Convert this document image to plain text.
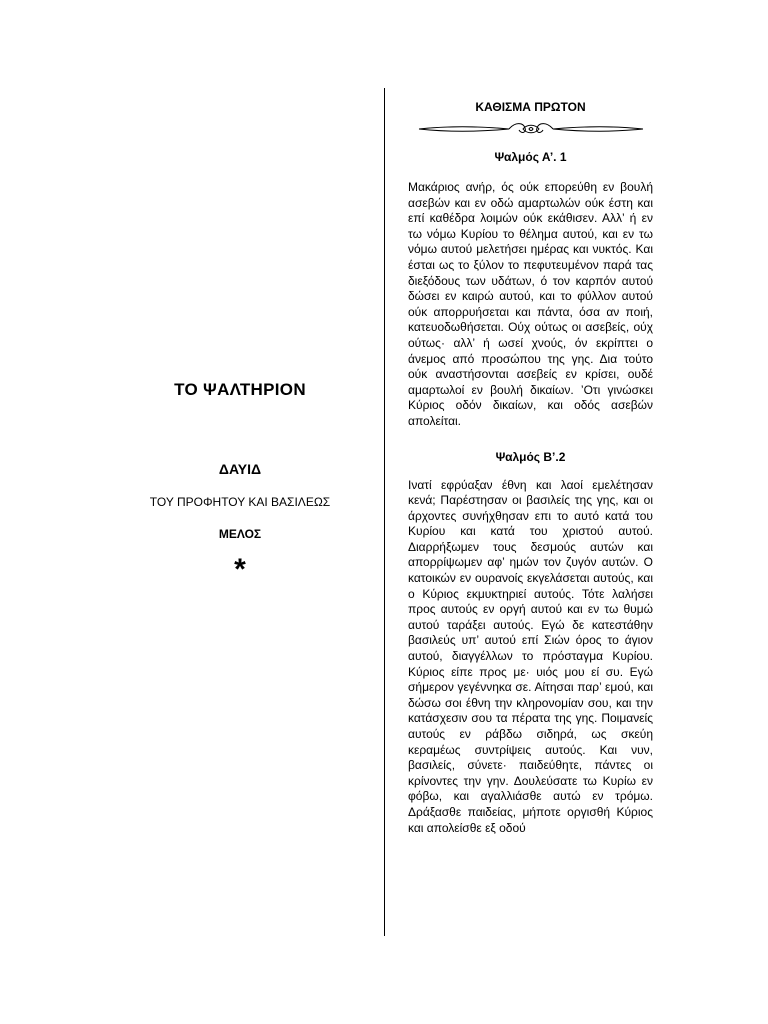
ΤΟ ΨΑΛΤΗΡΙΟΝ
ΔΑΥΙΔ
ΤΟΥ ΠΡΟΦΗΤΟΥ ΚΑΙ ΒΑΣΙΛΕΩΣ
ΜΕΛΟΣ
*
ΚΑΘΙΣΜΑ ΠΡΩΤΟΝ
Ψαλμός Α’. 1

Μακάριος ανήρ, ός ούκ επορεύθη εν βουλή ασεβών και εν οδώ αμαρτωλών ούκ έστη και επί καθέδρα λοιμών ούκ εκάθισεν. Αλλ’ ή εν τω νόμω Κυρίου το θέλημα αυτού, και εν τω νόμω αυτού μελετήσει ημέρας και νυκτός. Και έσται ως το ξύλον το πεφυτευμένον παρά τας διεξόδους των υδάτων, ό τον καρπόν αυτού δώσει εν καιρώ αυτού, και το φύλλον αυτού ούκ απορρυήσεται και πάντα, όσα αν ποιή, κατευοδωθήσεται. Ούχ ούτως οι ασεβείς, ούχ ούτως· αλλ’ ή ωσεί χνούς, όν εκρίπτει ο άνεμος από προσώπου της γης. Δια τούτο ούκ αναστήσονται ασεβείς εν κρίσει, ουδέ αμαρτωλοί εν βουλή δικαίων. ’Οτι γινώσκει Κύριος οδόν δικαίων, και οδός ασεβών απολείται.

Ψαλμός Β’.2

Ινατί εφρύαξαν έθνη και λαοί εμελέτησαν κενά; Παρέστησαν οι βασιλείς της γης, και οι άρχοντες συνήχθησαν επι το αυτό κατά του Κυρίου και κατά του χριστού αυτού. Διαρρήξωμεν τους δεσμούς αυτών και απορρίψωμεν αφ’ ημών τον ζυγόν αυτών. Ο κατοικών εν ουρανοίς εκγελάσεται αυτούς, και ο Κύριος εκμυκτηριεί αυτούς. Τότε λαλήσει προς αυτούς εν οργή αυτού και εν τω θυμώ αυτού ταράξει αυτούς. Εγώ δε κατεστάθην βασιλεύς υπ’ αυτού επί Σιών όρος το άγιον αυτού, διαγγέλλων το πρόσταγμα Κυρίου. Κύριος είπε προς με· υιός μου εί συ. Εγώ σήμερον γεγέννηκα σε. Αίτησαι παρ’ εμού, και δώσω σοι έθνη την κληρονομίαν σου, και την κατάσχεσιν σου τα πέρατα της γης. Ποιμανείς αυτούς εν ράβδω σιδηρά, ως σκεύη κεραμέως συντρίψεις αυτούς. Και νυν, βασιλείς, σύνετε· παιδεύθητε, πάντες οι κρίνοντες την γην. Δουλεύσατε τω Κυρίω εν φόβω, και αγαλλιάσθε αυτώ εν τρόμω. Δράξασθε παιδείας, μήποτε οργισθή Κύριος και απολείσθε εξ οδού
